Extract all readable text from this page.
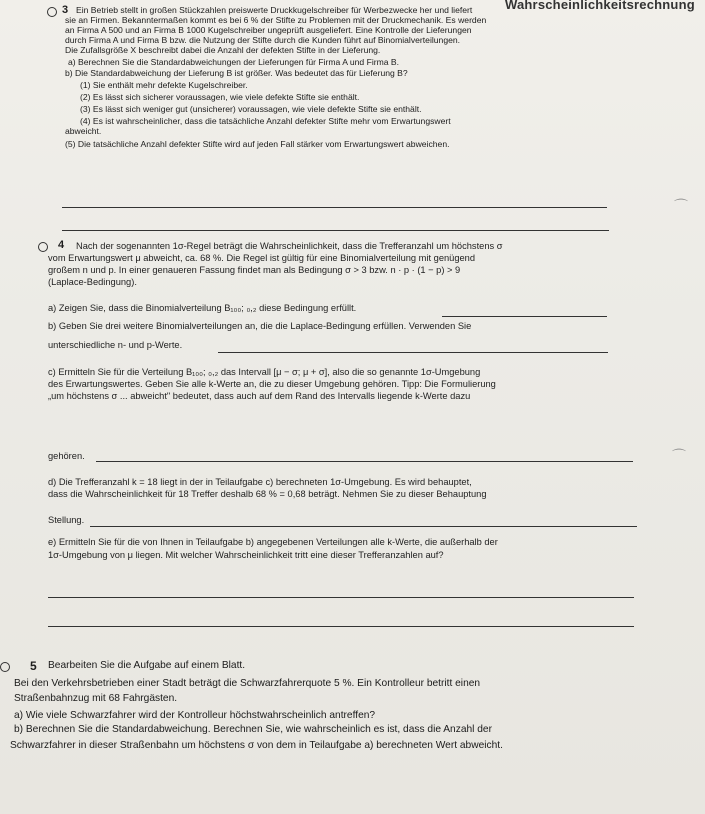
Wahrscheinlichkeitsrechnung
3 Ein Betrieb stellt in großen Stückzahlen preiswerte Druckkugelschreiber für Werbezwecke her und liefert
sie an Firmen. Bekanntermaßen kommt es bei 6 % der Stifte zu Problemen mit der Druckmechanik. Es werden
an Firma A 500 und an Firma B 1000 Kugelschreiber ungeprüft ausgeliefert. Eine Kontrolle der Lieferungen
durch Firma A und Firma B bzw. die Nutzung der Stifte durch die Kunden führt auf Binomialverteilungen.
Die Zufallsgröße X beschreibt dabei die Anzahl der defekten Stifte in der Lieferung.
a) Berechnen Sie die Standardabweichungen der Lieferungen für Firma A und Firma B.
b) Die Standardabweichung der Lieferung B ist größer. Was bedeutet das für Lieferung B?
(1) Sie enthält mehr defekte Kugelschreiber.
(2) Es lässt sich sicherer voraussagen, wie viele defekte Stifte sie enthält.
(3) Es lässt sich weniger gut (unsicherer) voraussagen, wie viele defekte Stifte sie enthält.
(4) Es ist wahrscheinlicher, dass die tatsächliche Anzahl defekter Stifte mehr vom Erwartungswert
abweicht.
(5) Die tatsächliche Anzahl defekter Stifte wird auf jeden Fall stärker vom Erwartungswert abweichen.
⌒
4 Nach der sogenannten 1σ-Regel beträgt die Wahrscheinlichkeit, dass die Trefferanzahl um höchstens σ
vom Erwartungswert μ abweicht, ca. 68 %. Die Regel ist gültig für eine Binomialverteilung mit genügend
großem n und p. In einer genaueren Fassung findet man als Bedingung σ > 3 bzw. n · p · (1 − p) > 9
(Laplace-Bedingung).
a) Zeigen Sie, dass die Binomialverteilung B₁₀₀; ₀,₂ diese Bedingung erfüllt.
b) Geben Sie drei weitere Binomialverteilungen an, die die Laplace-Bedingung erfüllen. Verwenden Sie
unterschiedliche n- und p-Werte.
c) Ermitteln Sie für die Verteilung B₁₀₀; ₀,₂ das Intervall [μ − σ; μ + σ], also die so genannte 1σ-Umgebung
des Erwartungswertes. Geben Sie alle k-Werte an, die zu dieser Umgebung gehören. Tipp: Die Formulierung
„um höchstens σ ... abweicht" bedeutet, dass auch auf dem Rand des Intervalls liegende k-Werte dazu
gehören.	⌒
d) Die Trefferanzahl k = 18 liegt in der in Teilaufgabe c) berechneten 1σ-Umgebung. Es wird behauptet,
dass die Wahrscheinlichkeit für 18 Treffer deshalb 68 % = 0,68 beträgt. Nehmen Sie zu dieser Behauptung
Stellung.
e) Ermitteln Sie für die von Ihnen in Teilaufgabe b) angegebenen Verteilungen alle k-Werte, die außerhalb der
1σ-Umgebung von μ liegen. Mit welcher Wahrscheinlichkeit tritt eine dieser Trefferanzahlen auf?
5 Bearbeiten Sie die Aufgabe auf einem Blatt.
Bei den Verkehrsbetrieben einer Stadt beträgt die Schwarzfahrerquote 5 %. Ein Kontrolleur betritt einen
Straßenbahnzug mit 68 Fahrgästen.
a) Wie viele Schwarzfahrer wird der Kontrolleur höchstwahrscheinlich antreffen?
b) Berechnen Sie die Standardabweichung. Berechnen Sie, wie wahrscheinlich es ist, dass die Anzahl der
Schwarzfahrer in dieser Straßenbahn um höchstens σ von dem in Teilaufgabe a) berechneten Wert abweicht.
